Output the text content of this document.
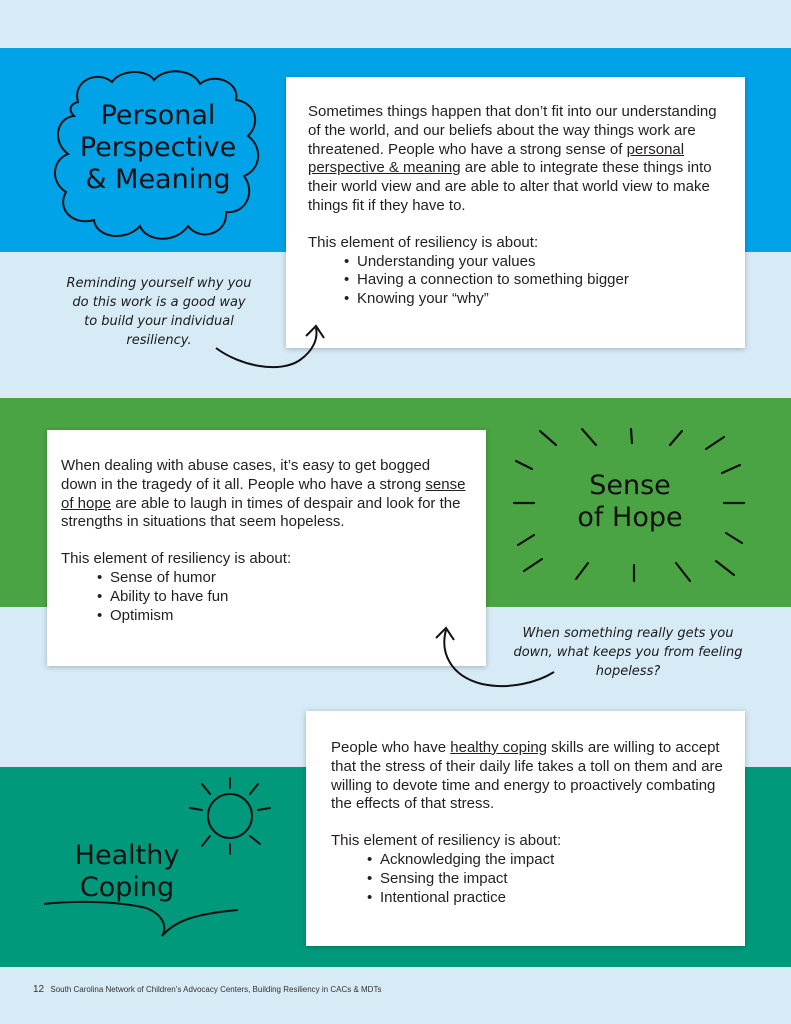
Personal
Perspective
& Meaning

Sometimes things happen that don’t fit into our understanding of the world, and our beliefs about the way things work are threatened. People who have a strong sense of personal perspective & meaning are able to integrate these things into their world view and are able to alter that world view to make things fit if they have to.

This element of resiliency is about:

• Understanding your values
• Having a connection to something bigger
• Knowing your “why”
Reminding yourself why you do this work is a good way to build your individual resiliency.

When dealing with abuse cases, it’s easy to get bogged down in the tragedy of it all. People who have a strong sense of hope are able to laugh in times of despair and look for the strengths in situations that seem hopeless.

This element of resiliency is about:

• Sense of humor
• Ability to have fun
• Optimism
Sense
of Hope
When something really gets you down, what keeps you from feeling hopeless?
Healthy
Coping

People who have healthy coping skills are willing to accept that the stress of their daily life takes a toll on them and are willing to devote time and energy to proactively combating the effects of that stress.

This element of resiliency is about:

• Acknowledging the impact
• Sensing the impact
• Intentional practice
12 South Carolina Network of Children’s Advocacy Centers, Building Resiliency in CACs & MDTs
